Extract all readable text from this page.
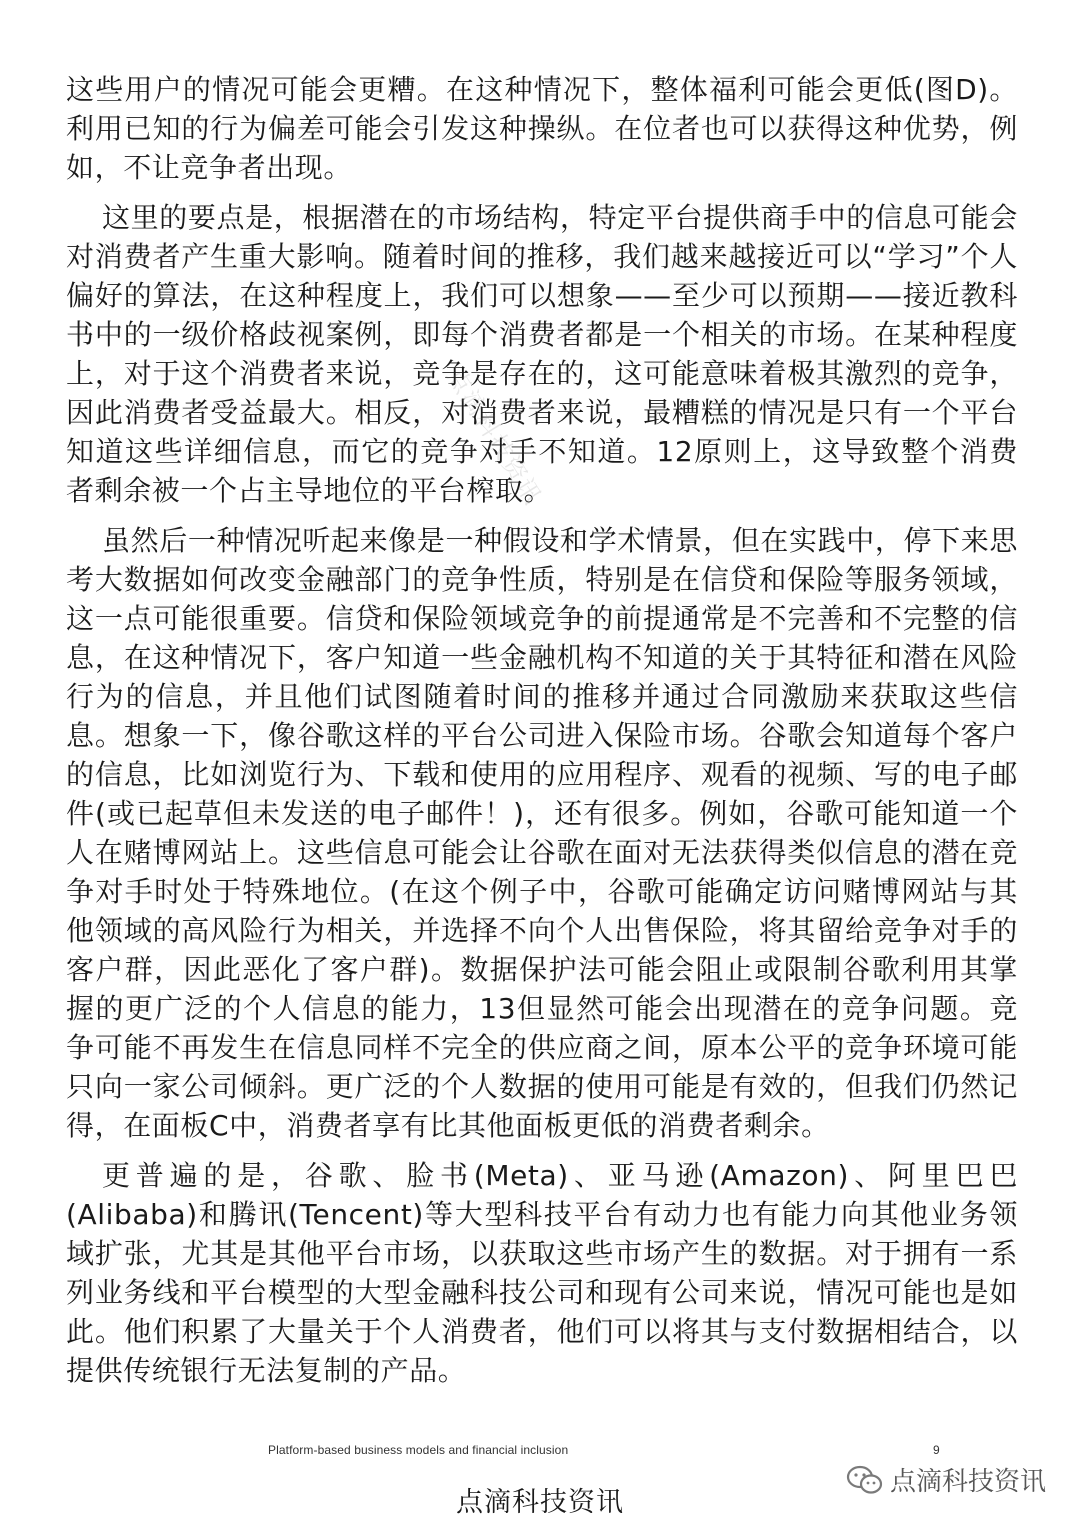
这些用户的情况可能会更糟。在这种情况下，整体福利可能会更低(图D)。利用已知的行为偏差可能会引发这种操纵。在位者也可以获得这种优势，例如，不让竞争者出现。

这里的要点是，根据潜在的市场结构，特定平台提供商手中的信息可能会对消费者产生重大影响。随着时间的推移，我们越来越接近可以“学习”个人偏好的算法，在这种程度上，我们可以想象——至少可以预期——接近教科书中的一级价格歧视案例，即每个消费者都是一个相关的市场。在某种程度上，对于这个消费者来说，竞争是存在的，这可能意味着极其激烈的竞争，因此消费者受益最大。相反，对消费者来说，最糟糕的情况是只有一个平台知道这些详细信息，而它的竞争对手不知道。12原则上，这导致整个消费者剩余被一个占主导地位的平台榨取。

虽然后一种情况听起来像是一种假设和学术情景，但在实践中，停下来思考大数据如何改变金融部门的竞争性质，特别是在信贷和保险等服务领域，这一点可能很重要。信贷和保险领域竞争的前提通常是不完善和不完整的信息，在这种情况下，客户知道一些金融机构不知道的关于其特征和潜在风险行为的信息，并且他们试图随着时间的推移并通过合同激励来获取这些信息。想象一下，像谷歌这样的平台公司进入保险市场。谷歌会知道每个客户的信息，比如浏览行为、下载和使用的应用程序、观看的视频、写的电子邮件(或已起草但未发送的电子邮件！)，还有很多。例如，谷歌可能知道一个人在赌博网站上。这些信息可能会让谷歌在面对无法获得类似信息的潜在竞争对手时处于特殊地位。(在这个例子中，谷歌可能确定访问赌博网站与其他领域的高风险行为相关，并选择不向个人出售保险，将其留给竞争对手的客户群，因此恶化了客户群)。数据保护法可能会阻止或限制谷歌利用其掌握的更广泛的个人信息的能力，13但显然可能会出现潜在的竞争问题。竞争可能不再发生在信息同样不完全的供应商之间，原本公平的竞争环境可能只向一家公司倾斜。更广泛的个人数据的使用可能是有效的，但我们仍然记得，在面板C中，消费者享有比其他面板更低的消费者剩余。

更普遍的是，谷歌、脸书(Meta)、亚马逊(Amazon)、阿里巴巴(Alibaba)和腾讯(Tencent)等大型科技平台有动力也有能力向其他业务领域扩张，尤其是其他平台市场，以获取这些市场产生的数据。对于拥有一系列业务线和平台模型的大型金融科技公司和现有公司来说，情况可能也是如此。他们积累了大量关于个人消费者，他们可以将其与支付数据相结合，以提供传统银行无法复制的产品。

点滴科技资讯
Platform-based business models and financial inclusion	9
点滴科技资讯
点滴科技资讯
